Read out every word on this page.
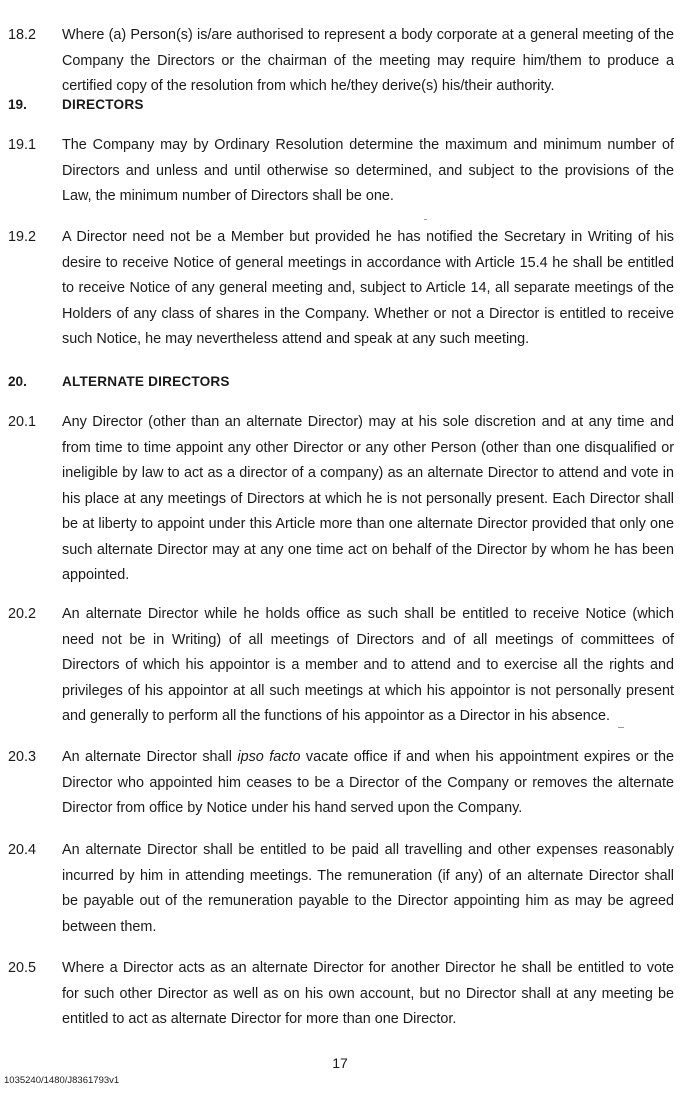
18.2 Where (a) Person(s) is/are authorised to represent a body corporate at a general meeting of the Company the Directors or the chairman of the meeting may require him/them to produce a certified copy of the resolution from which he/they derive(s) his/their authority.
19.	DIRECTORS
19.1 The Company may by Ordinary Resolution determine the maximum and minimum number of Directors and unless and until otherwise so determined, and subject to the provisions of the Law, the minimum number of Directors shall be one.
19.2 A Director need not be a Member but provided he has notified the Secretary in Writing of his desire to receive Notice of general meetings in accordance with Article 15.4 he shall be entitled to receive Notice of any general meeting and, subject to Article 14, all separate meetings of the Holders of any class of shares in the Company. Whether or not a Director is entitled to receive such Notice, he may nevertheless attend and speak at any such meeting.
20.	ALTERNATE DIRECTORS
20.1 Any Director (other than an alternate Director) may at his sole discretion and at any time and from time to time appoint any other Director or any other Person (other than one disqualified or ineligible by law to act as a director of a company) as an alternate Director to attend and vote in his place at any meetings of Directors at which he is not personally present. Each Director shall be at liberty to appoint under this Article more than one alternate Director provided that only one such alternate Director may at any one time act on behalf of the Director by whom he has been appointed.
20.2 An alternate Director while he holds office as such shall be entitled to receive Notice (which need not be in Writing) of all meetings of Directors and of all meetings of committees of Directors of which his appointor is a member and to attend and to exercise all the rights and privileges of his appointor at all such meetings at which his appointor is not personally present and generally to perform all the functions of his appointor as a Director in his absence.
20.3 An alternate Director shall ipso facto vacate office if and when his appointment expires or the Director who appointed him ceases to be a Director of the Company or removes the alternate Director from office by Notice under his hand served upon the Company.
20.4 An alternate Director shall be entitled to be paid all travelling and other expenses reasonably incurred by him in attending meetings. The remuneration (if any) of an alternate Director shall be payable out of the remuneration payable to the Director appointing him as may be agreed between them.
20.5 Where a Director acts as an alternate Director for another Director he shall be entitled to vote for such other Director as well as on his own account, but no Director shall at any meeting be entitled to act as alternate Director for more than one Director.
17
1035240/1480/J8361793v1
